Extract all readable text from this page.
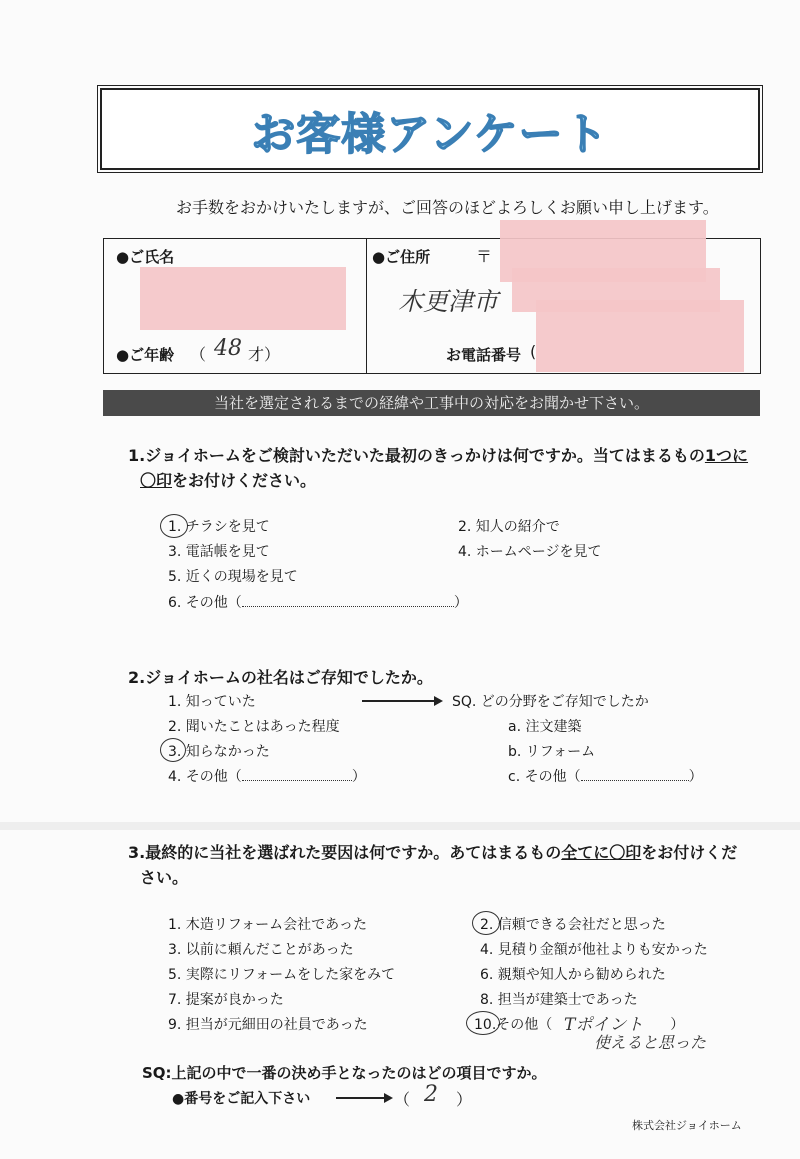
お客様アンケート
お手数をおかけいたしますが、ご回答のほどよろしくお願い申し上げます。
●ご氏名
●ご年齢 （ 48 才）
●ご住所	〒
木更津市
お電話番号 (
当社を選定されるまでの経緯や工事中の対応をお聞かせ下さい。
1.ジョイホームをご検討いただいた最初のきっかけは何ですか。当てはまるもの1つに
〇印をお付けください。
1. チラシを見て	2. 知人の紹介で
3. 電話帳を見て	4. ホームページを見て
5. 近くの現場を見て
6. その他（	）
2.ジョイホームの社名はご存知でしたか。
1. 知っていた	SQ. どの分野をご存知でしたか
2. 聞いたことはあった程度	a. 注文建築
3. 知らなかった	b. リフォーム
4. その他（	）	c. その他（	）
3.最終的に当社を選ばれた要因は何ですか。あてはまるもの全てに〇印をお付けくだ
さい。
1. 木造リフォーム会社であった	2. 信頼できる会社だと思った
3. 以前に頼んだことがあった	4. 見積り金額が他社よりも安かった
5. 実際にリフォームをした家をみて	6. 親類や知人から勧められた
7. 提案が良かった	8. 担当が建築士であった
9. 担当が元細田の社員であった	10.その他（	）
Tポイント
使えると思った
SQ:上記の中で一番の決め手となったのはどの項目ですか。
●番号をご記入下さい	（ 2 ）
株式会社ジョイホーム
